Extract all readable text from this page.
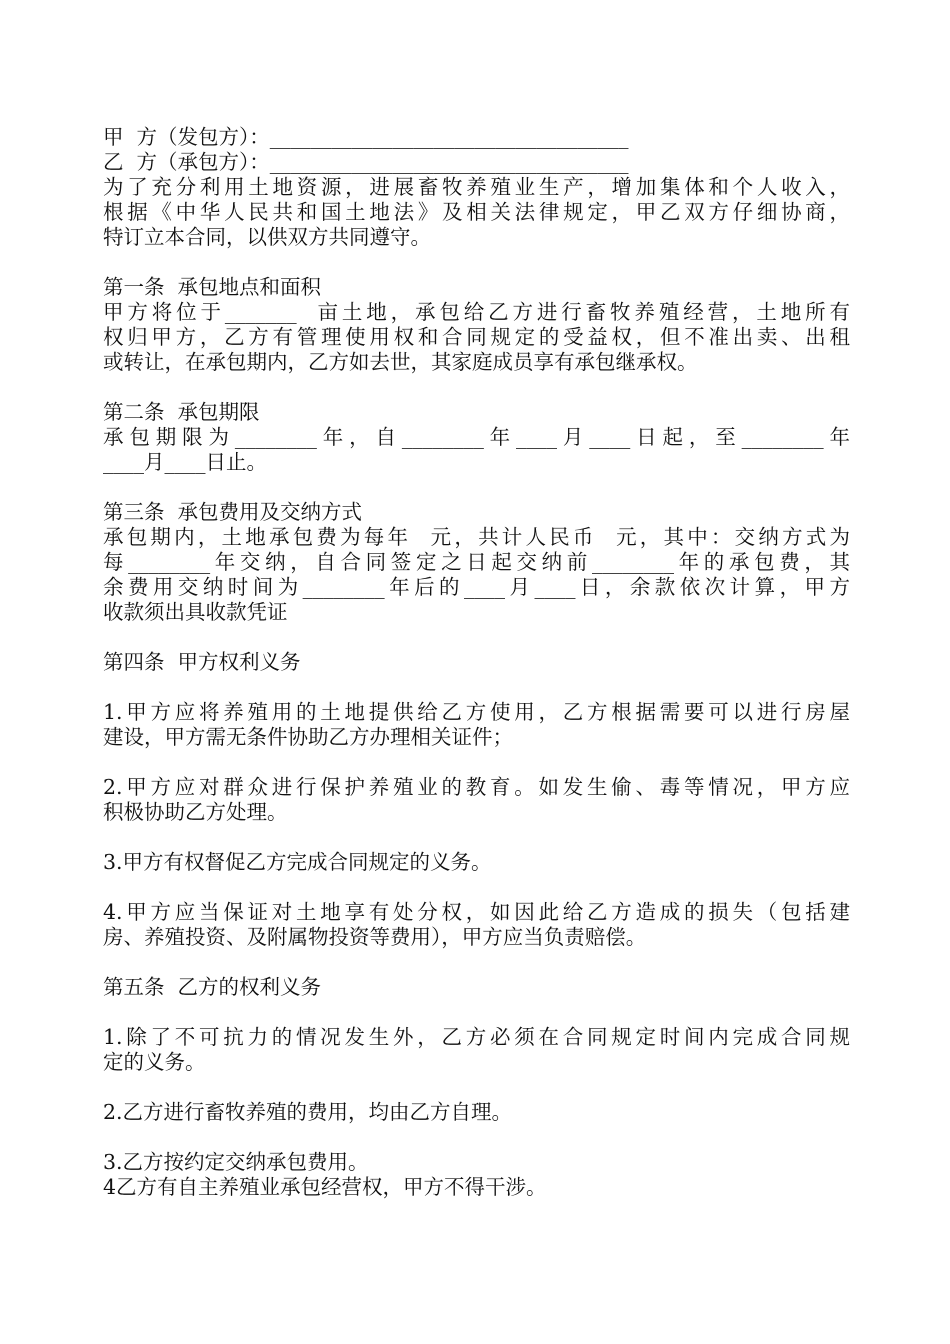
甲  方（发包方）：___________________________________
乙  方（承包方）：___________________________________
为了充分利用土地资源，进展畜牧养殖业生产，增加集体和个人收入，
根据《中华人民共和国土地法》及相关法律规定，甲乙双方仔细协商，
特订立本合同，以供双方共同遵守。
第一条  承包地点和面积
甲方将位于_______  亩土地，承包给乙方进行畜牧养殖经营，土地所有
权归甲方，乙方有管理使用权和合同规定的受益权，但不准出卖、出租
或转让，在承包期内，乙方如去世，其家庭成员享有承包继承权。
第二条  承包期限
承包期限为________年，自________年____月____日起，至________年
____月____日止。
第三条  承包费用及交纳方式
承包期内，土地承包费为每年  元，共计人民币  元，其中：交纳方式为
每________年交纳，自合同签定之日起交纳前________年的承包费，其
余费用交纳时间为________年后的____月____日，余款依次计算，甲方
收款须出具收款凭证
第四条  甲方权利义务
1.甲方应将养殖用的土地提供给乙方使用，乙方根据需要可以进行房屋
建设，甲方需无条件协助乙方办理相关证件；
2.甲方应对群众进行保护养殖业的教育。如发生偷、毒等情况，甲方应
积极协助乙方处理。
3.甲方有权督促乙方完成合同规定的义务。
4.甲方应当保证对土地享有处分权，如因此给乙方造成的损失（包括建
房、养殖投资、及附属物投资等费用），甲方应当负责赔偿。
第五条  乙方的权利义务
1.除了不可抗力的情况发生外，乙方必须在合同规定时间内完成合同规
定的义务。
2.乙方进行畜牧养殖的费用，均由乙方自理。
3.乙方按约定交纳承包费用。
4乙方有自主养殖业承包经营权，甲方不得干涉。
